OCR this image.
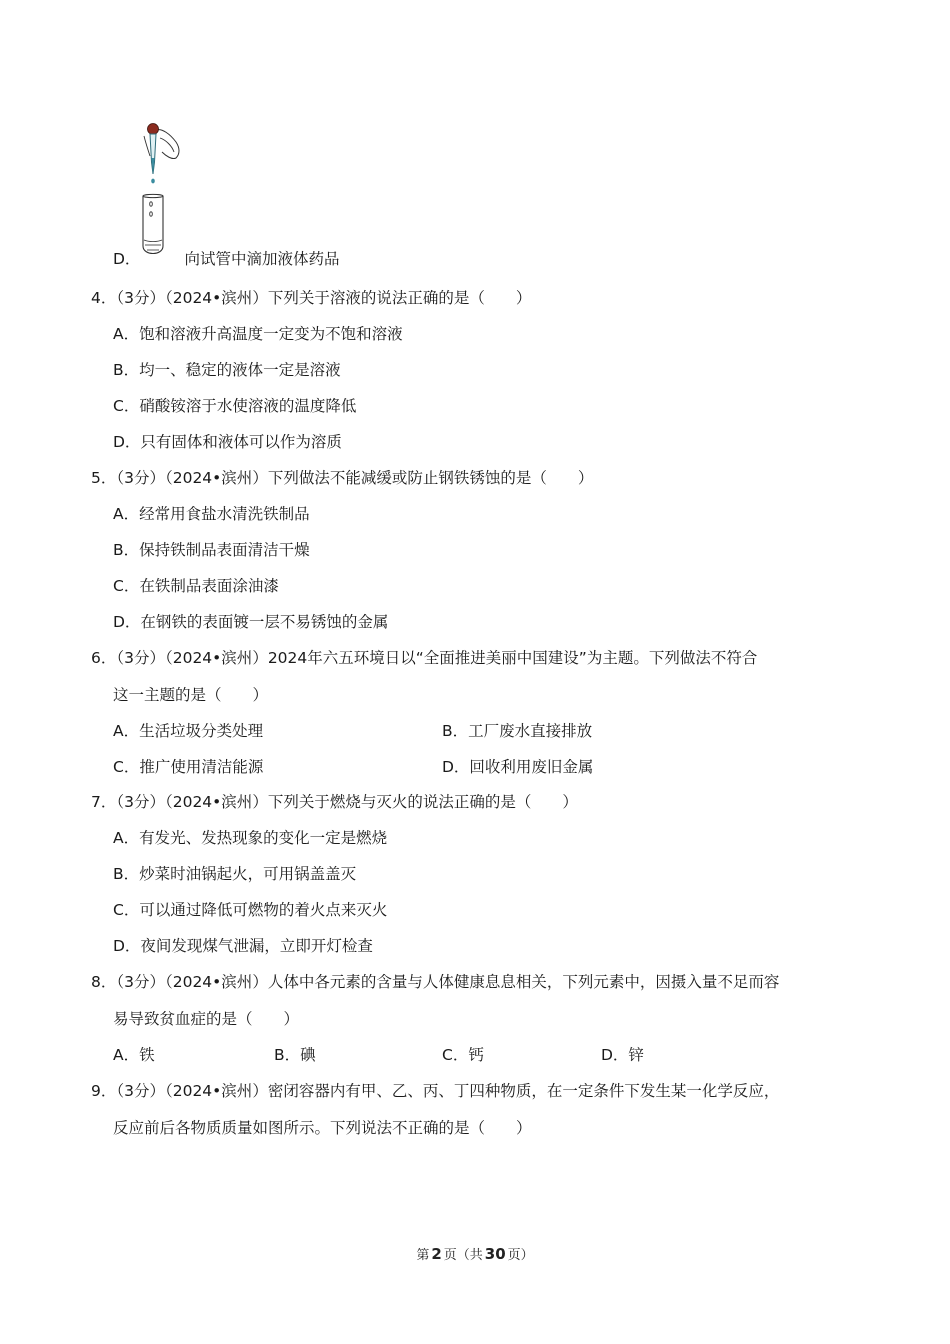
D．	向试管中滴加液体药品
4．（3分）（2024•滨州）下列关于溶液的说法正确的是（　　）
A．饱和溶液升高温度一定变为不饱和溶液
B．均一、稳定的液体一定是溶液
C．硝酸铵溶于水使溶液的温度降低
D．只有固体和液体可以作为溶质
5．（3分）（2024•滨州）下列做法不能减缓或防止钢铁锈蚀的是（　　）
A．经常用食盐水清洗铁制品
B．保持铁制品表面清洁干燥
C．在铁制品表面涂油漆
D．在钢铁的表面镀一层不易锈蚀的金属
6．（3分）（2024•滨州）2024年六五环境日以“全面推进美丽中国建设”为主题。下列做法不符合
这一主题的是（　　）
A．生活垃圾分类处理	B．工厂废水直接排放
C．推广使用清洁能源	D．回收利用废旧金属
7．（3分）（2024•滨州）下列关于燃烧与灭火的说法正确的是（　　）
A．有发光、发热现象的变化一定是燃烧
B．炒菜时油锅起火，可用锅盖盖灭
C．可以通过降低可燃物的着火点来灭火
D．夜间发现煤气泄漏，立即开灯检查
8．（3分）（2024•滨州）人体中各元素的含量与人体健康息息相关，下列元素中，因摄入量不足而容
易导致贫血症的是（　　）
A．铁	B．碘	C．钙	D．锌
9．（3分）（2024•滨州）密闭容器内有甲、乙、丙、丁四种物质，在一定条件下发生某一化学反应，
反应前后各物质质量如图所示。下列说法不正确的是（　　）
第 2 页（共 30 页）
